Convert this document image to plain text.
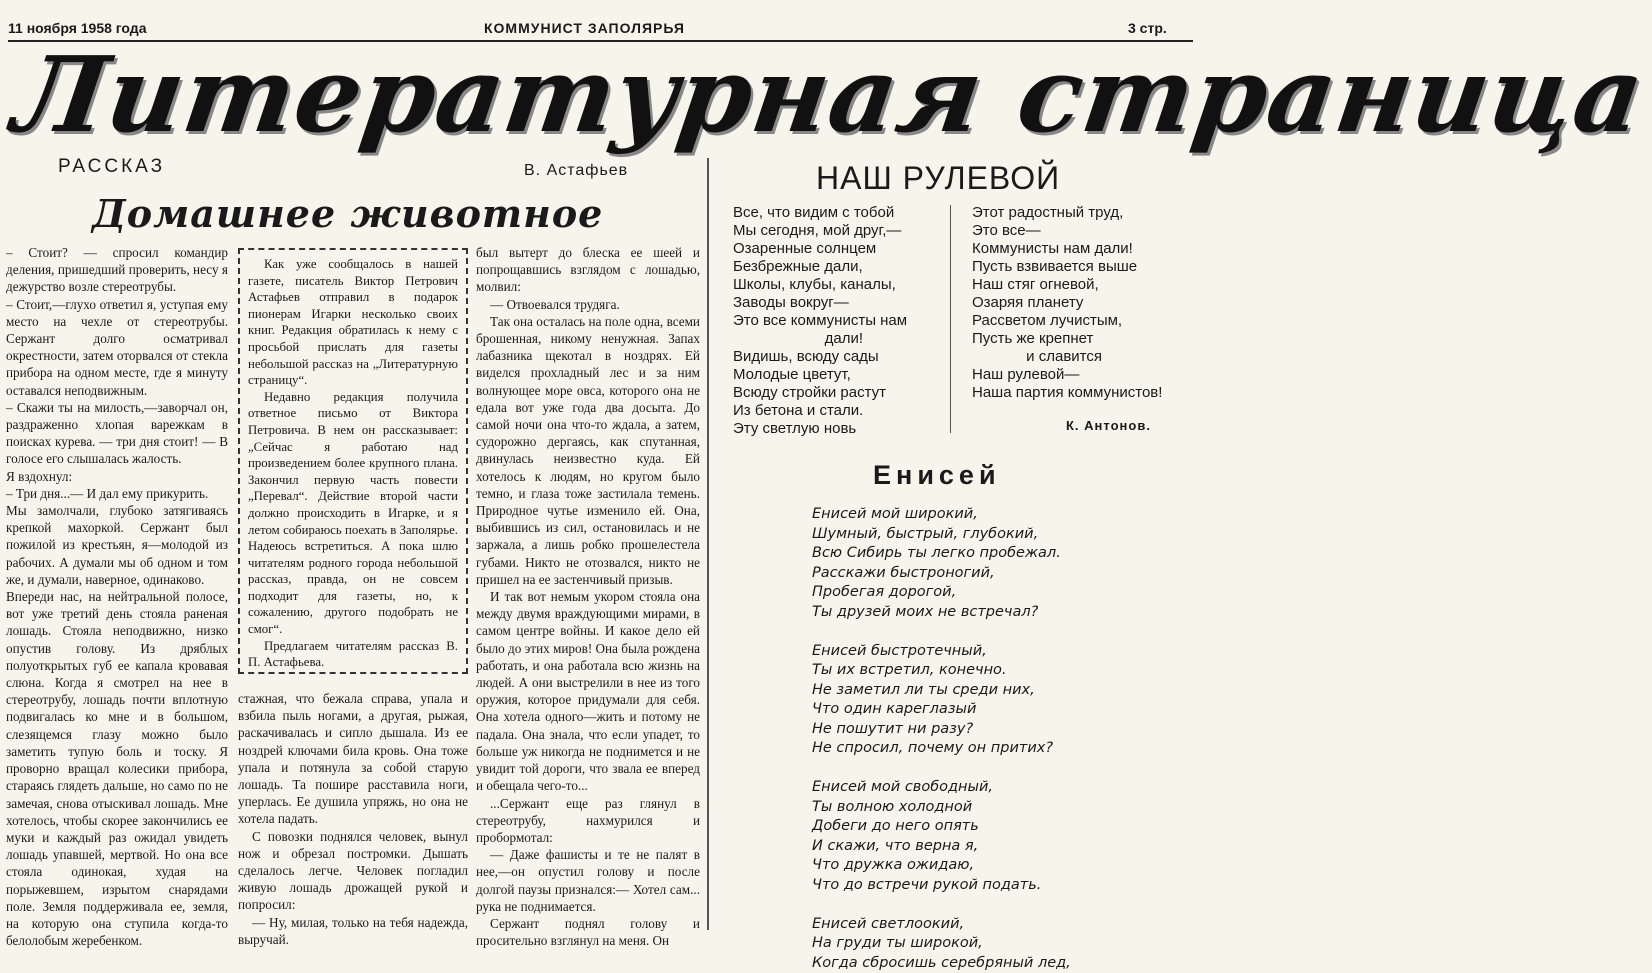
11 ноября 1958 года	КОММУНИСТ ЗАПОЛЯРЬЯ	3 стр.
Литературная страница
РАССКАЗ	В. Астафьев
Домашнее животное

– Стоит? — спросил командир деления, пришедший проверить, несу я дежурство возле стереотрубы.

– Стоит,—глухо ответил я, уступая ему место на чехле от стереотрубы. Сержант долго осматривал окрестности, затем оторвался от стекла прибора на одном месте, где я минуту оставался неподвижным.

– Скажи ты на милость,—заворчал он, раздраженно хлопая варежкам в поисках курева. — три дня стоит! — В голосе его слышалась жалость.

Я вздохнул:

– Три дня...— И дал ему прикурить.

Мы замолчали, глубоко затягиваясь крепкой махоркой. Сержант был пожилой из крестьян, я—молодой из рабочих. А думали мы об одном и том же, и думали, наверное, одинаково.

Впереди нас, на нейтральной полосе, вот уже третий день стояла раненая лошадь. Стояла неподвижно, низко опустив голову. Из дряблых полуоткрытых губ ее капала кровавая слюна. Когда я смотрел на нее в стереотрубу, лошадь почти вплотную подвигалась ко мне и в большом, слезящемся глазу можно было заметить тупую боль и тоску. Я проворно вращал колесики прибора, стараясь глядеть дальше, но само по не замечая, снова отыскивал лошадь. Мне хотелось, чтобы скорее закончились ее муки и каждый раз ожидал увидеть лошадь упавшей, мертвой. Но она все стояла одинокая, худая на порыжевшем, изрытом снарядами поле. Земля поддерживала ее, земля, на которую она ступила когда-то белолобым жеребенком.

Как уже сообщалось в нашей газете, писатель Виктор Петрович Астафьев отправил в подарок пионерам Игарки несколько своих книг. Редакция обратилась к нему с просьбой прислать для газеты небольшой рассказ на „Литературную страницу“.

Недавно редакция получила ответное письмо от Виктора Петровича. В нем он рассказывает: „Сейчас я работаю над произведением более крупного плана. Закончил первую часть повести „Перевал“. Действие второй части должно происходить в Игарке, и я летом собираюсь поехать в Заполярье. Надеюсь встретиться. А пока шлю читателям родного города небольшой рассказ, правда, он не совсем подходит для газеты, но, к сожалению, другого подобрать не смог“.

Предлагаем читателям рассказ В. П. Астафьева.

стажная, что бежала справа, упала и взбила пыль ногами, а другая, рыжая, раскачивалась и сипло дышала. Из ее ноздрей ключами била кровь. Она тоже упала и потянула за собой старую лошадь. Та пошире расставила ноги, уперлась. Ее душила упряжь, но она не хотела падать.

С повозки поднялся человек, вынул нож и обрезал постромки. Дышать сделалось легче. Человек погладил живую лошадь дрожащей рукой и попросил:

— Ну, милая, только на тебя надежда, выручай.

был вытерт до блеска ее шеей и попрощавшись взглядом с лошадью, молвил:

— Отвоевался трудяга.

Так она осталась на поле одна, всеми брошенная, никому ненужная. Запах лабазника щекотал в ноздрях. Ей виделся прохладный лес и за ним волнующее море овса, которого она не едала вот уже года два досыта. До самой ночи она что-то ждала, а затем, судорожно дергаясь, как спутанная, двинулась неизвестно куда. Ей хотелось к людям, но кругом было темно, и глаза тоже застилала темень. Природное чутье изменило ей. Она, выбившись из сил, остановилась и не заржала, а лишь робко прошелестела губами. Никто не отозвался, никто не пришел на ее застенчивый призыв.

И так вот немым укором стояла она между двумя враждующими мирами, в самом центре войны. И какое дело ей было до этих миров! Она была рождена работать, и она работала всю жизнь на людей. А они выстрелили в нее из того оружия, которое придумали для себя. Она хотела одного—жить и потому не падала. Она знала, что если упадет, то больше уж никогда не поднимется и не увидит той дороги, что звала ее вперед и обещала чего-то...

...Сержант еще раз глянул в стереотрубу, нахмурился и пробормотал:

— Даже фашисты и те не палят в нее,—он опустил голову и после долгой паузы признался:— Хотел сам... рука не поднимается.

Сержант поднял голову и просительно взглянул на меня. Он

НАШ РУЛЕВОЙ
Все, что видим с тобой
Мы сегодня, мой друг,—
Озаренные солнцем
Безбрежные дали,
Школы, клубы, каналы,
Заводы вокруг—
Это все коммунисты нам
дали!
Видишь, всюду сады
Молодые цветут,
Всюду стройки растут
Из бетона и стали.
Эту светлую новь
Этот радостный труд,
Это все—
Коммунисты нам дали!
Пусть взвивается выше
Наш стяг огневой,
Озаряя планету
Рассветом лучистым,
Пусть же крепнет
и славится
Наш рулевой—
Наша партия коммунистов!
К. Антонов.
Енисей
Енисей мой широкий,
Шумный, быстрый, глубокий,
Всю Сибирь ты легко пробежал.
Расскажи быстроногий,
Пробегая дорогой,
Ты друзей моих не встречал?

Енисей быстротечный,
Ты их встретил, конечно.
Не заметил ли ты среди них,
Что один кареглазый
Не пошутит ни разу?
Не спросил, почему он притих?

Енисей мой свободный,
Ты волною холодной
Добеги до него опять
И скажи, что верна я,
Что дружка ожидаю,
Что до встречи рукой подать.

Енисей светлоокий,
На груди ты широкой,
Когда сбросишь серебряный лед,
